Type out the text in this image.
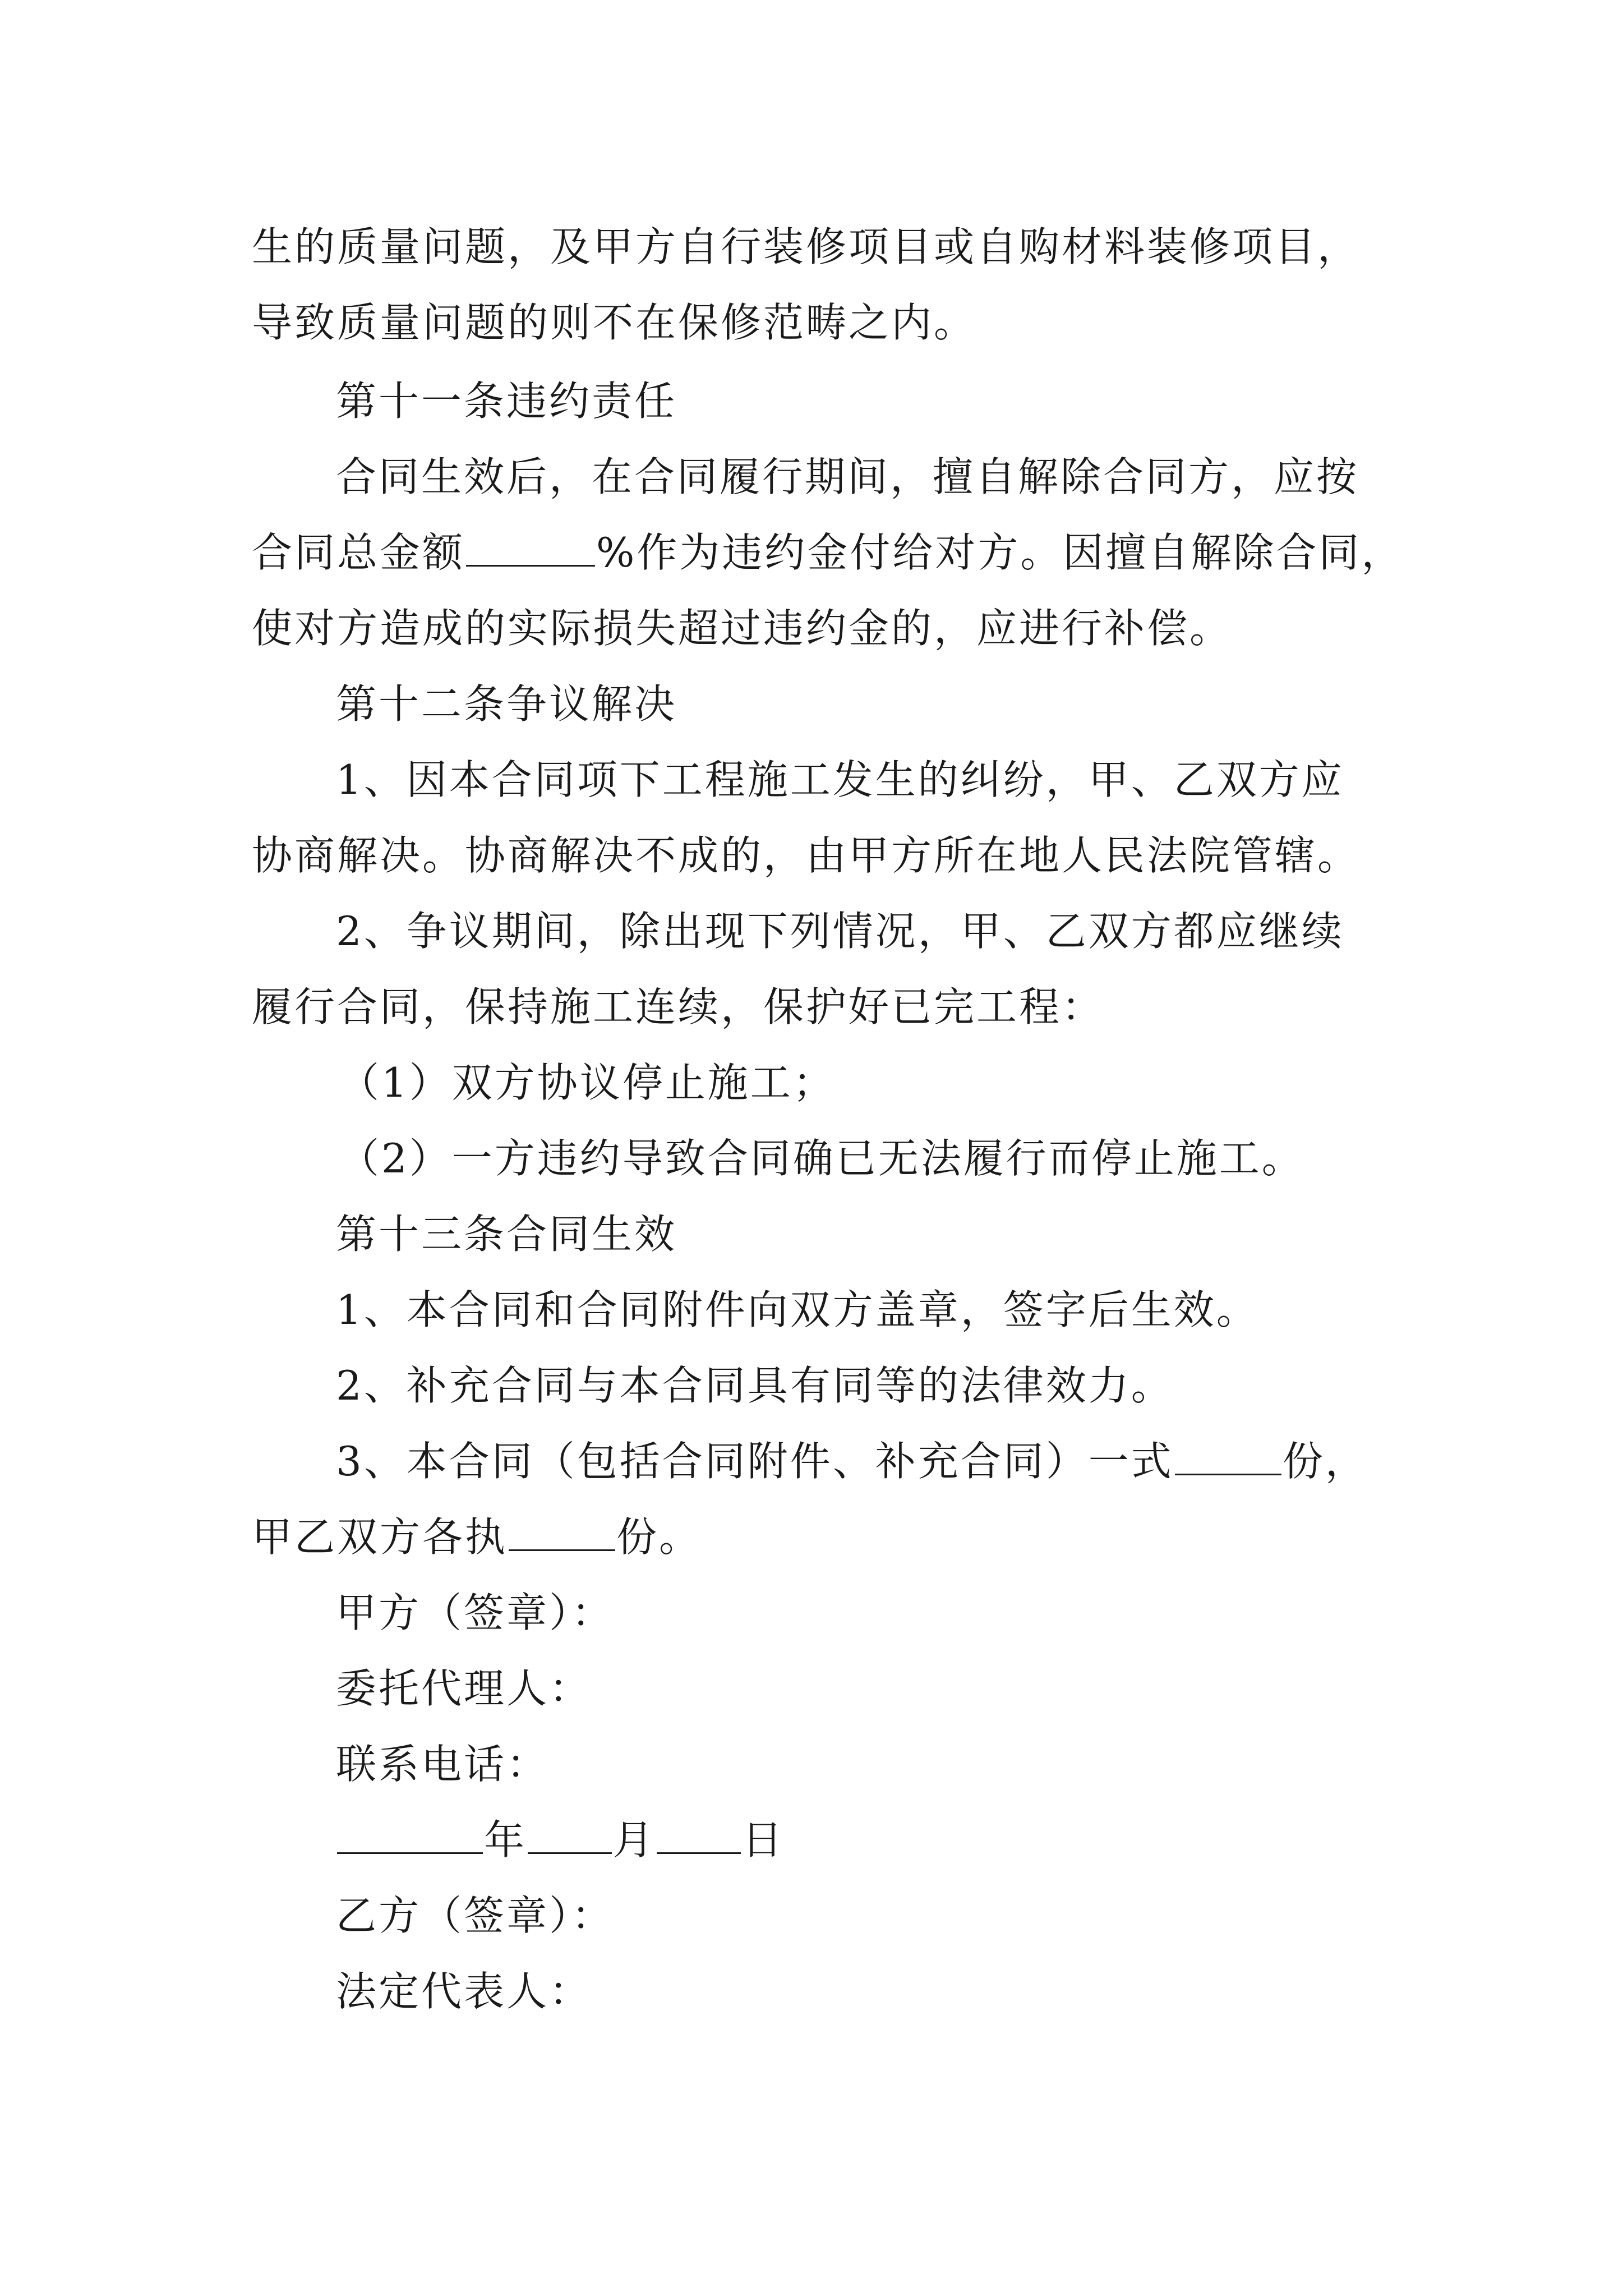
生的质量问题，及甲方自行装修项目或自购材料装修项目，
导致质量问题的则不在保修范畴之内。
第十一条违约责任
合同生效后，在合同履行期间，擅自解除合同方，应按
合同总金额	%作为违约金付给对方。因擅自解除合同，
使对方造成的实际损失超过违约金的，应进行补偿。
第十二条争议解决
1、因本合同项下工程施工发生的纠纷，甲、乙双方应
协商解决。协商解决不成的，由甲方所在地人民法院管辖。
2、争议期间，除出现下列情况，甲、乙双方都应继续
履行合同，保持施工连续，保护好已完工程：
（1）双方协议停止施工；
（2）一方违约导致合同确已无法履行而停止施工。
第十三条合同生效
1、本合同和合同附件向双方盖章，签字后生效。
2、补充合同与本合同具有同等的法律效力。
3、本合同（包括合同附件、补充合同）一式	份，
甲乙双方各执	份。
甲方（签章）：
委托代理人：
联系电话：
年 月 日
乙方（签章）：
法定代表人：
